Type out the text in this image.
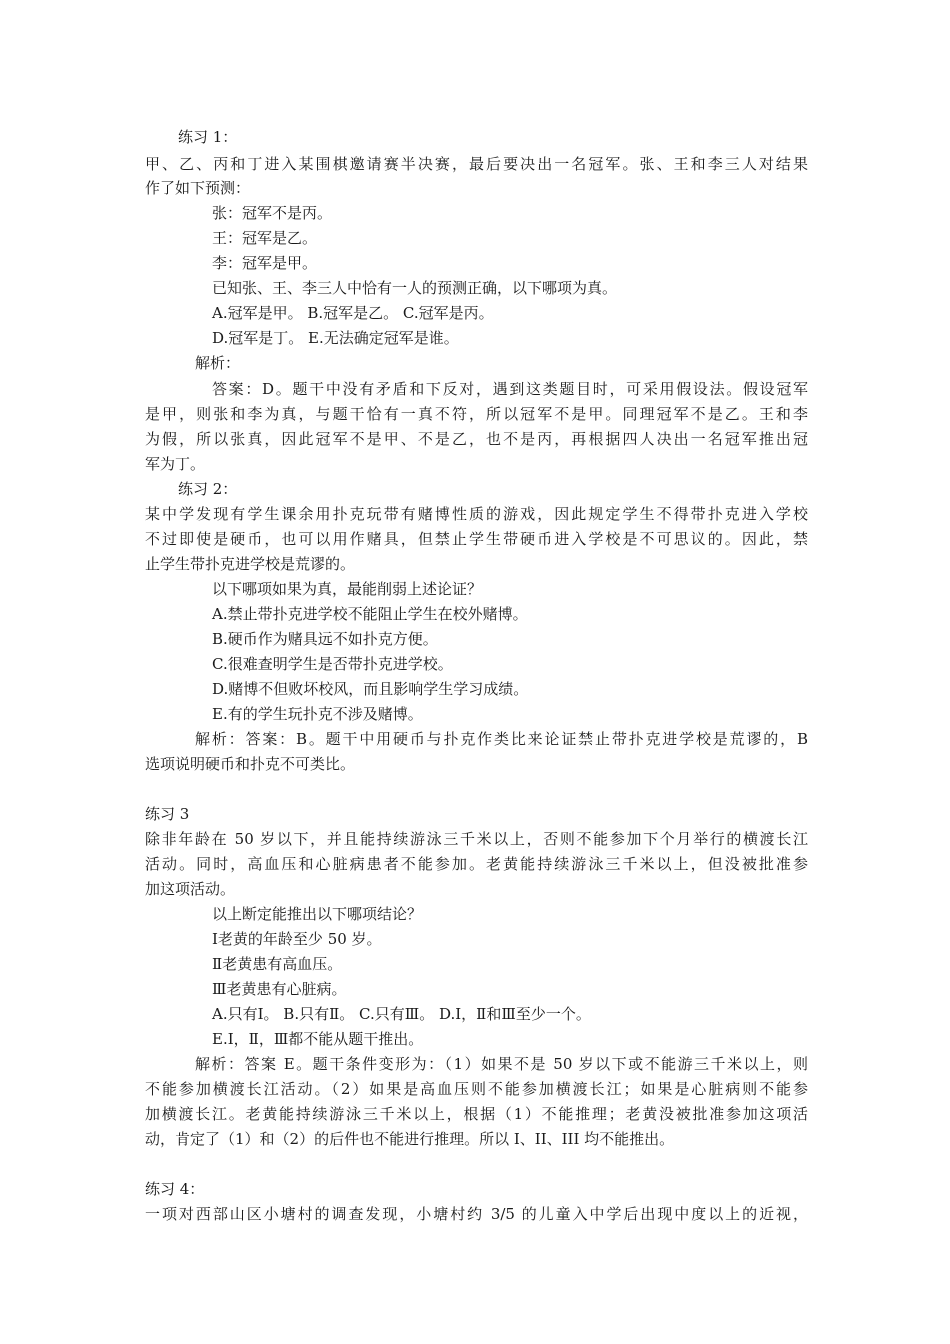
练习 1：
甲、乙、丙和丁进入某围棋邀请赛半决赛，最后要决出一名冠军。张、王和李三人对结果
作了如下预测：
张：冠军不是丙。
王：冠军是乙。
李：冠军是甲。
已知张、王、李三人中恰有一人的预测正确，以下哪项为真。
A.冠军是甲。 B.冠军是乙。 C.冠军是丙。
D.冠军是丁。 E.无法确定冠军是谁。
解析：
答案：D。题干中没有矛盾和下反对，遇到这类题目时，可采用假设法。假设冠军
是甲，则张和李为真，与题干恰有一真不符，所以冠军不是甲。同理冠军不是乙。王和李
为假，所以张真，因此冠军不是甲、不是乙，也不是丙，再根据四人决出一名冠军推出冠
军为丁。
练习 2：
某中学发现有学生课余用扑克玩带有赌博性质的游戏，因此规定学生不得带扑克进入学校
不过即使是硬币，也可以用作赌具，但禁止学生带硬币进入学校是不可思议的。因此，禁
止学生带扑克进学校是荒谬的。
以下哪项如果为真，最能削弱上述论证？
A.禁止带扑克进学校不能阻止学生在校外赌博。
B.硬币作为赌具远不如扑克方便。
C.很难查明学生是否带扑克进学校。
D.赌博不但败坏校风，而且影响学生学习成绩。
E.有的学生玩扑克不涉及赌博。
解析：答案：B。题干中用硬币与扑克作类比来论证禁止带扑克进学校是荒谬的，B
选项说明硬币和扑克不可类比。
练习 3
除非年龄在 50 岁以下，并且能持续游泳三千米以上，否则不能参加下个月举行的横渡长江
活动。同时，高血压和心脏病患者不能参加。老黄能持续游泳三千米以上，但没被批准参
加这项活动。
以上断定能推出以下哪项结论？
Ⅰ老黄的年龄至少 50 岁。
Ⅱ老黄患有高血压。
Ⅲ老黄患有心脏病。
A.只有Ⅰ。 B.只有Ⅱ。 C.只有Ⅲ。 D.Ⅰ，Ⅱ和Ⅲ至少一个。
E.Ⅰ，Ⅱ，Ⅲ都不能从题干推出。
解析：答案 E。题干条件变形为：（1）如果不是 50 岁以下或不能游三千米以上，则
不能参加横渡长江活动。（2）如果是高血压则不能参加横渡长江；如果是心脏病则不能参
加横渡长江。老黄能持续游泳三千米以上，根据（1）不能推理；老黄没被批准参加这项活
动，肯定了（1）和（2）的后件也不能进行推理。所以 I、II、III 均不能推出。
练习 4：
一项对西部山区小塘村的调查发现，小塘村约 3/5 的儿童入中学后出现中度以上的近视，
